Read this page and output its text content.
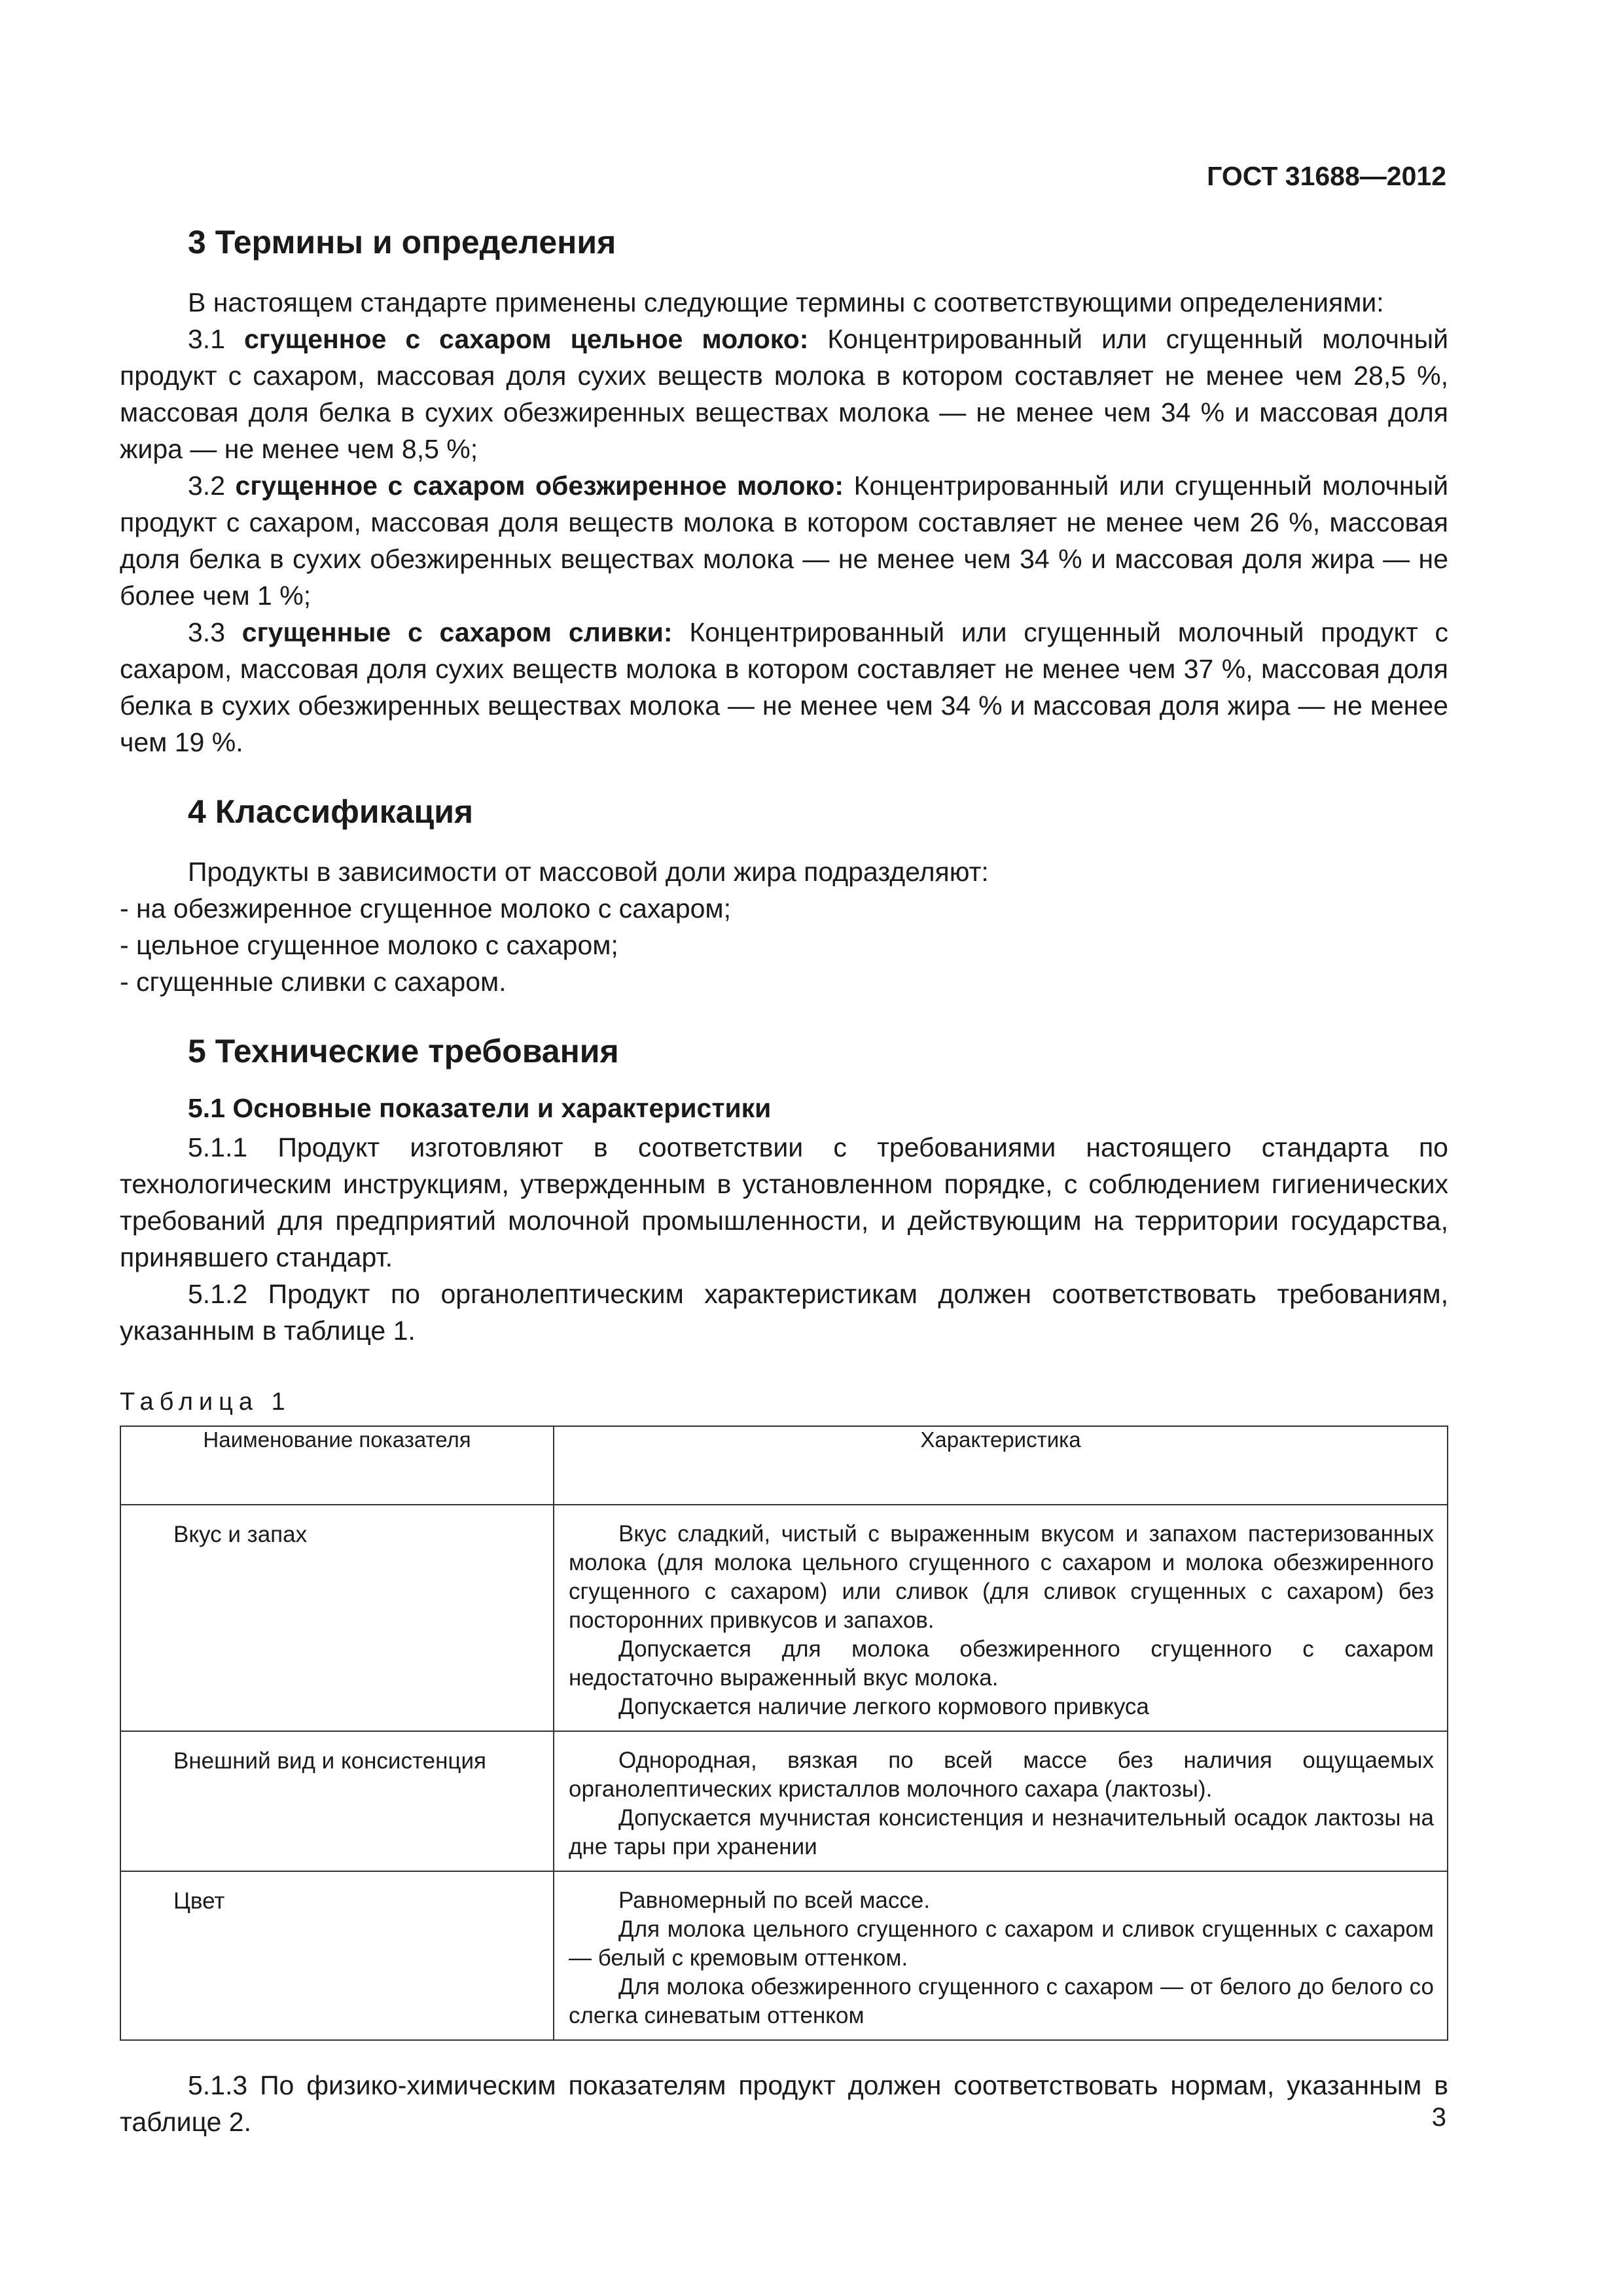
ГОСТ 31688—2012
3 Термины и определения

В настоящем стандарте применены следующие термины с соответствующими определениями:

3.1 сгущенное с сахаром цельное молоко: Концентрированный или сгущенный молочный продукт с сахаром, массовая доля сухих веществ молока в котором составляет не менее чем 28,5 %, массовая доля белка в сухих обезжиренных веществах молока — не менее чем 34 % и массовая доля жира — не менее чем 8,5 %;

3.2 сгущенное с сахаром обезжиренное молоко: Концентрированный или сгущенный молочный продукт с сахаром, массовая доля веществ молока в котором составляет не менее чем 26 %, массовая доля белка в сухих обезжиренных веществах молока — не менее чем 34 % и массовая доля жира — не более чем 1 %;

3.3 сгущенные с сахаром сливки: Концентрированный или сгущенный молочный продукт с сахаром, массовая доля сухих веществ молока в котором составляет не менее чем 37 %, массовая доля белка в сухих обезжиренных веществах молока — не менее чем 34 % и массовая доля жира — не менее чем 19 %.

4 Классификация

Продукты в зависимости от массовой доли жира подразделяют:

- на обезжиренное сгущенное молоко с сахаром;
- цельное сгущенное молоко с сахаром;
- сгущенные сливки с сахаром.
5 Технические требования
5.1 Основные показатели и характеристики

5.1.1 Продукт изготовляют в соответствии с требованиями настоящего стандарта по технологическим инструкциям, утвержденным в установленном порядке, с соблюдением гигиенических требований для предприятий молочной промышленности, и действующим на территории государства, принявшего стандарт.

5.1.2 Продукт по органолептическим характеристикам должен соответствовать требованиям, указанным в таблице 1.

Таблица 1
Наименование показателя	Характеристика
Вкус и запах	Вкус сладкий, чистый с выраженным вкусом и запахом пастеризованных молока (для молока цельного сгущенного с сахаром и молока обезжиренного сгущенного с сахаром) или сливок (для сливок сгущенных с сахаром) без посторонних привкусов и запахов.
Допускается для молока обезжиренного сгущенного с сахаром недостаточно выраженный вкус молока.
Допускается наличие легкого кормового привкуса

Внешний вид и консистенция	Однородная, вязкая по всей массе без наличия ощущаемых органолептических кристаллов молочного сахара (лактозы).
Допускается мучнистая консистенция и незначительный осадок лактозы на дне тары при хранении

Цвет	Равномерный по всей массе.
Для молока цельного сгущенного с сахаром и сливок сгущенных с сахаром — белый с кремовым оттенком.
Для молока обезжиренного сгущенного с сахаром — от белого до белого со слегка синеватым оттенком

5.1.3 По физико-химическим показателям продукт должен соответствовать нормам, указанным в таблице 2.	3
